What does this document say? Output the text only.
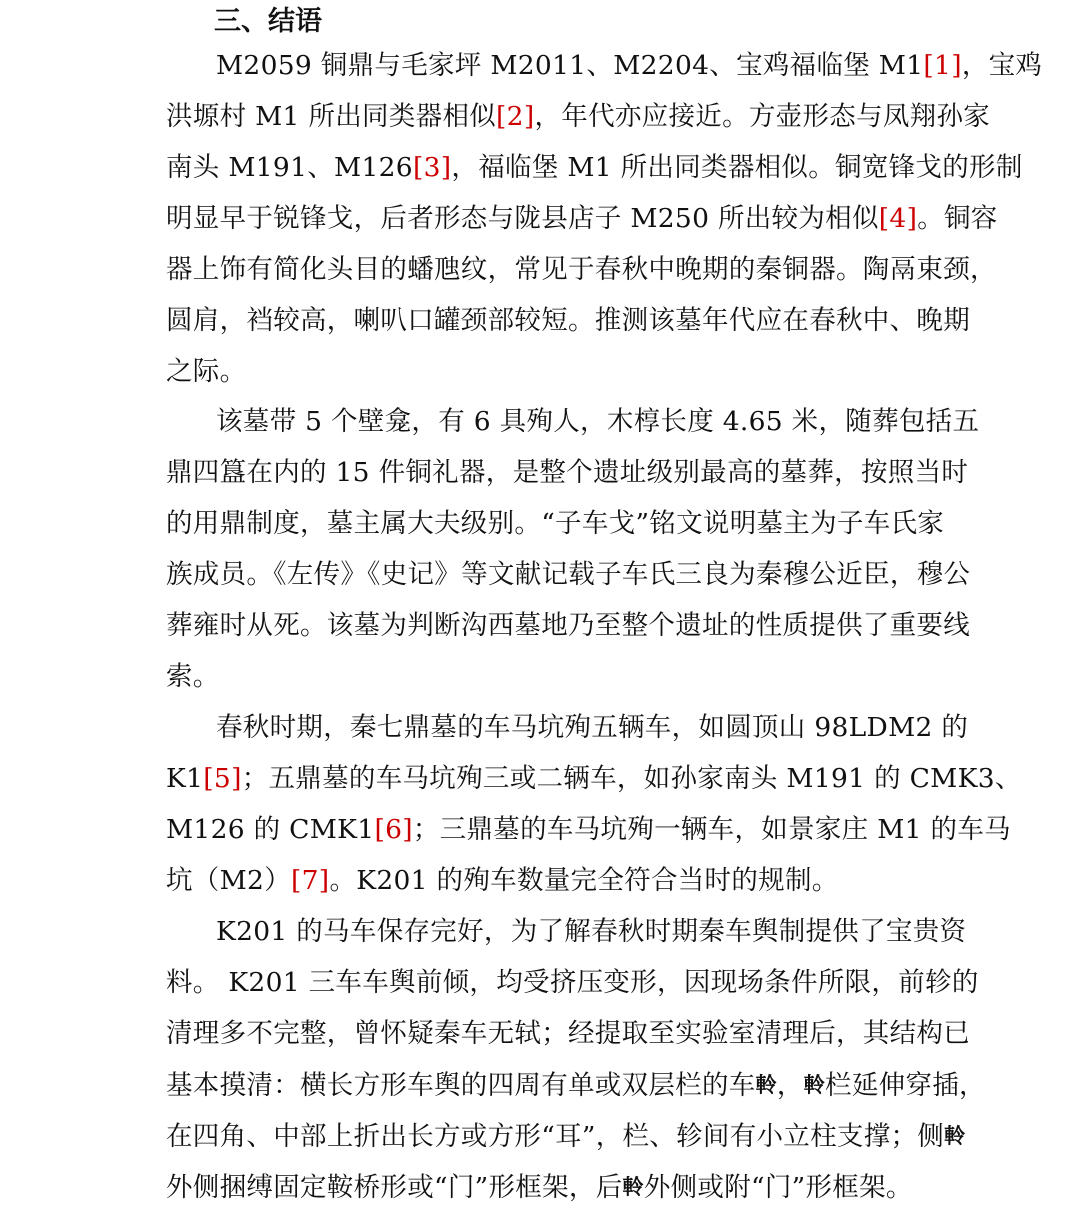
三、结语
M2059 铜鼎与毛家坪 M2011、M2204、宝鸡福临堡 M1[1]，宝鸡
洪塬村 M1 所出同类器相似[2]，年代亦应接近。方壶形态与凤翔孙家
南头 M191、M126[3]，福临堡 M1 所出同类器相似。铜宽锋戈的形制
明显早于锐锋戈，后者形态与陇县店子 M250 所出较为相似[4]。铜容
器上饰有简化头目的蟠虺纹，常见于春秋中晚期的秦铜器。陶鬲束颈，
圆肩，裆较高，喇叭口罐颈部较短。推测该墓年代应在春秋中、晚期
之际。
该墓带 5 个壁龛，有 6 具殉人，木椁长度 4.65 米，随葬包括五
鼎四簋在内的 15 件铜礼器，是整个遗址级别最高的墓葬，按照当时
的用鼎制度，墓主属大夫级别。“子车戈”铭文说明墓主为子车氏家
族成员。《左传》《史记》等文献记载子车氏三良为秦穆公近臣，穆公
葬雍时从死。该墓为判断沟西墓地乃至整个遗址的性质提供了重要线
索。
春秋时期，秦七鼎墓的车马坑殉五辆车，如圆顶山 98LDM2 的
K1[5]；五鼎墓的车马坑殉三或二辆车，如孙家南头 M191 的 CMK3、
M126 的 CMK1[6]；三鼎墓的车马坑殉一辆车，如景家庄 M1 的车马
坑（M2）[7]。K201 的殉车数量完全符合当时的规制。
K201 的马车保存完好，为了解春秋时期秦车舆制提供了宝贵资
料。 K201 三车车舆前倾，均受挤压变形，因现场条件所限，前轸的
清理多不完整，曾怀疑秦车无轼；经提取至实验室清理后，其结构已
基本摸清：横长方形车舆的四周有单或双层栏的车軨，軨栏延伸穿插，
在四角、中部上折出长方或方形“耳”，栏、轸间有小立柱支撑；侧軨
外侧捆缚固定鞍桥形或“门”形框架，后軨外侧或附“门”形框架。
